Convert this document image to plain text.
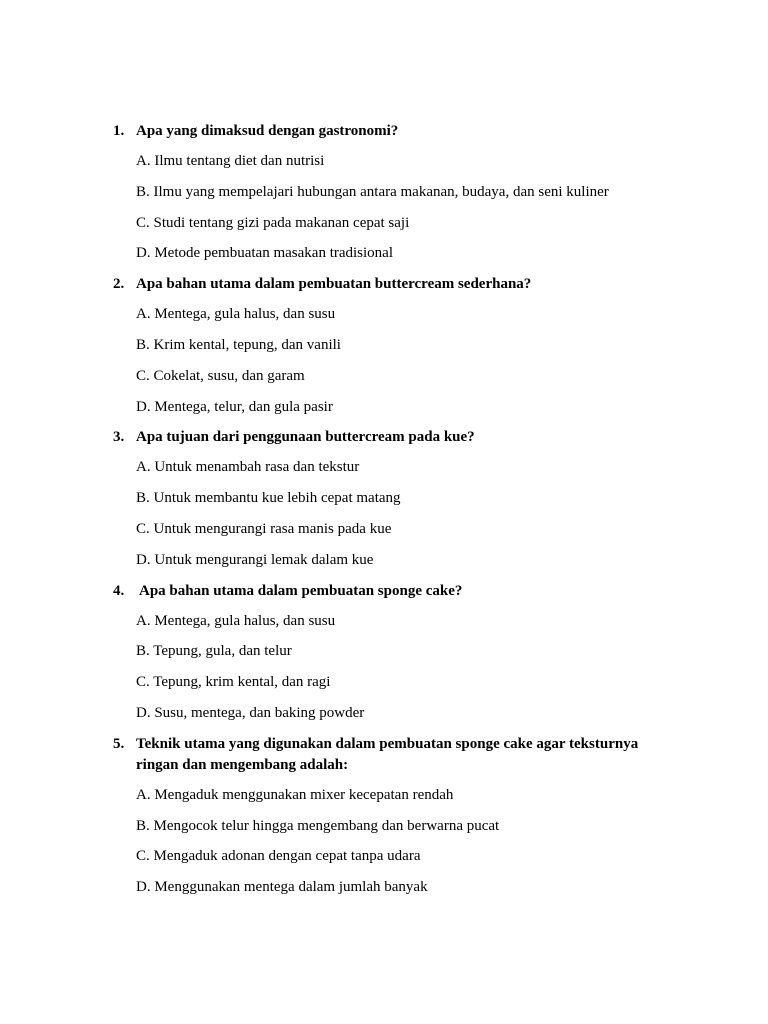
1. Apa yang dimaksud dengan gastronomi?
A. Ilmu tentang diet dan nutrisi
B. Ilmu yang mempelajari hubungan antara makanan, budaya, dan seni kuliner
C. Studi tentang gizi pada makanan cepat saji
D. Metode pembuatan masakan tradisional
2. Apa bahan utama dalam pembuatan buttercream sederhana?
A. Mentega, gula halus, dan susu
B. Krim kental, tepung, dan vanili
C. Cokelat, susu, dan garam
D. Mentega, telur, dan gula pasir
3. Apa tujuan dari penggunaan buttercream pada kue?
A. Untuk menambah rasa dan tekstur
B. Untuk membantu kue lebih cepat matang
C. Untuk mengurangi rasa manis pada kue
D. Untuk mengurangi lemak dalam kue
4. Apa bahan utama dalam pembuatan sponge cake?
A. Mentega, gula halus, dan susu
B. Tepung, gula, dan telur
C. Tepung, krim kental, dan ragi
D. Susu, mentega, dan baking powder
5. Teknik utama yang digunakan dalam pembuatan sponge cake agar teksturnya ringan dan mengembang adalah:
A. Mengaduk menggunakan mixer kecepatan rendah
B. Mengocok telur hingga mengembang dan berwarna pucat
C. Mengaduk adonan dengan cepat tanpa udara
D. Menggunakan mentega dalam jumlah banyak
